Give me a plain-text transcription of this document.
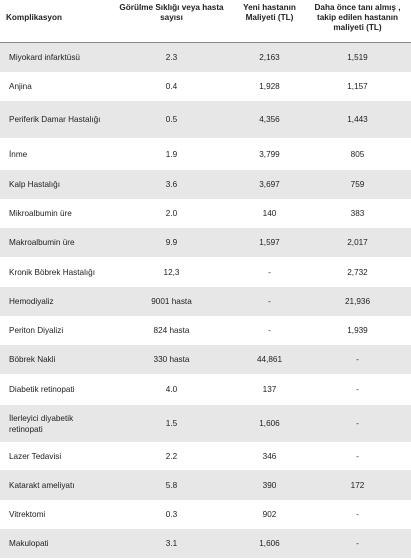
Komplikasyon	Görülme Sıklığı veya hasta sayısı	Yeni hastanın Maliyeti (TL)	Daha önce tanı almış , takip edilen hastanın maliyeti (TL)
Miyokard infarktüsü	2.3	2,163	1,519
Anjina	0.4	1,928	1,157
Periferik Damar Hastalığı	0.5	4,356	1,443
İnme	1.9	3,799	805
Kalp Hastalığı	3.6	3,697	759
Mikroalbumin üre	2.0	140	383
Makroalbumin üre	9.9	1,597	2,017
Kronik Böbrek Hastalığı	12,3	-	2,732
Hemodiyaliz	9001 hasta	-	21,936
Periton Diyalizi	824 hasta	-	1,939
Böbrek Nakli	330 hasta	44,861	-
Diabetik retinopati	4.0	137	-
İlerleyici diyabetik retinopati	1.5	1,606	-
Lazer Tedavisi	2.2	346	-
Katarakt ameliyatı	5.8	390	172
Vitrektomi	0.3	902	-
Makulopati	3.1	1,606	-
